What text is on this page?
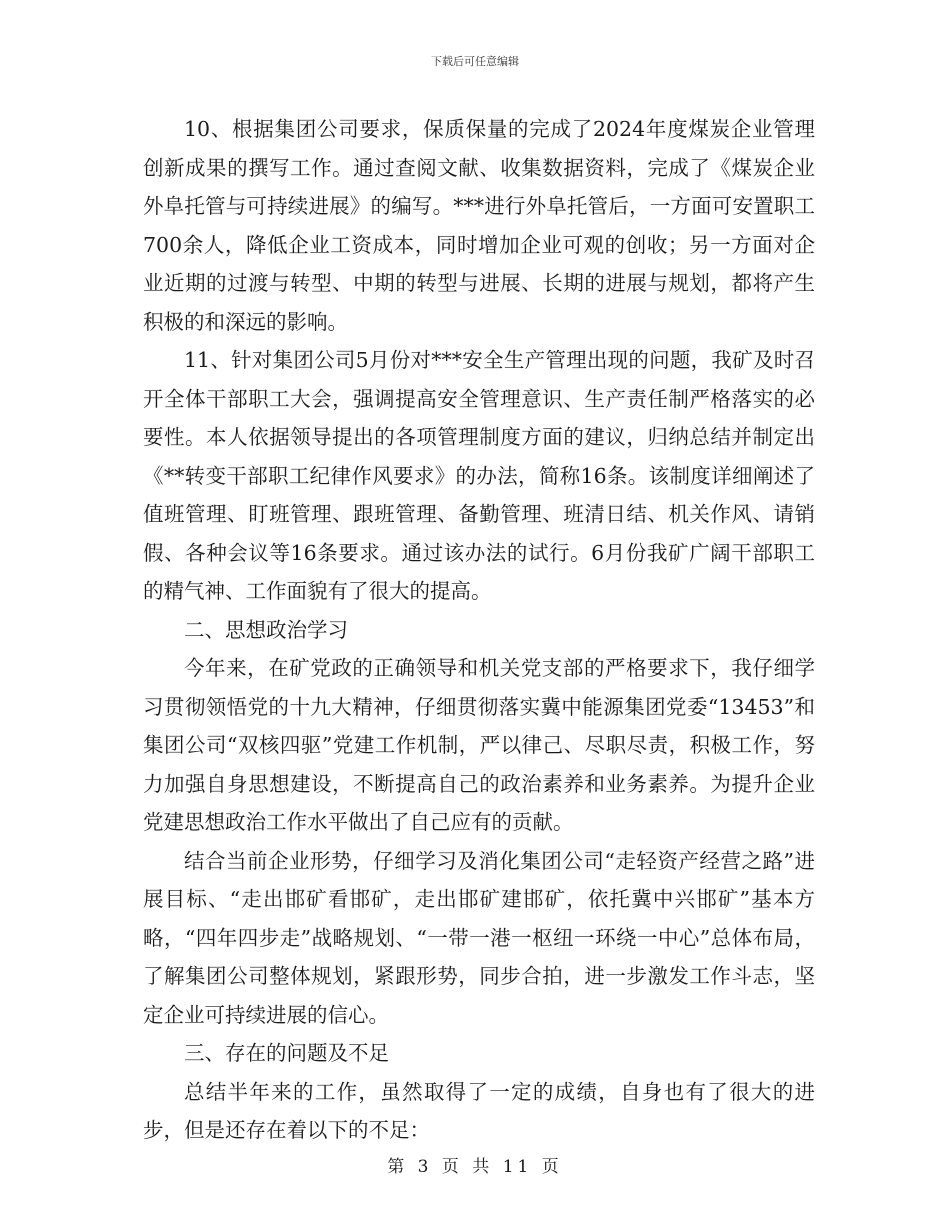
下载后可任意编辑

10、根据集团公司要求，保质保量的完成了2024年度煤炭企业管理创新成果的撰写工作。通过查阅文献、收集数据资料，完成了《煤炭企业外阜托管与可持续进展》的编写。***进行外阜托管后，一方面可安置职工700余人，降低企业工资成本，同时增加企业可观的创收；另一方面对企业近期的过渡与转型、中期的转型与进展、长期的进展与规划，都将产生积极的和深远的影响。

11、针对集团公司5月份对***安全生产管理出现的问题，我矿及时召开全体干部职工大会，强调提高安全管理意识、生产责任制严格落实的必要性。本人依据领导提出的各项管理制度方面的建议，归纳总结并制定出《**转变干部职工纪律作风要求》的办法，简称16条。该制度详细阐述了值班管理、盯班管理、跟班管理、备勤管理、班清日结、机关作风、请销假、各种会议等16条要求。通过该办法的试行。6月份我矿广阔干部职工的精气神、工作面貌有了很大的提高。

二、思想政治学习

今年来，在矿党政的正确领导和机关党支部的严格要求下，我仔细学习贯彻领悟党的十九大精神，仔细贯彻落实冀中能源集团党委“13453”和集团公司“双核四驱”党建工作机制，严以律己、尽职尽责，积极工作，努力加强自身思想建设，不断提高自己的政治素养和业务素养。为提升企业党建思想政治工作水平做出了自己应有的贡献。

结合当前企业形势，仔细学习及消化集团公司“走轻资产经营之路”进展目标、“走出邯矿看邯矿，走出邯矿建邯矿，依托冀中兴邯矿”基本方略，“四年四步走”战略规划、“一带一港一枢纽一环绕一中心”总体布局，了解集团公司整体规划，紧跟形势，同步合拍，进一步激发工作斗志，坚定企业可持续进展的信心。

三、存在的问题及不足

总结半年来的工作，虽然取得了一定的成绩，自身也有了很大的进步，但是还存在着以下的不足：

第 3 页 共 11 页
